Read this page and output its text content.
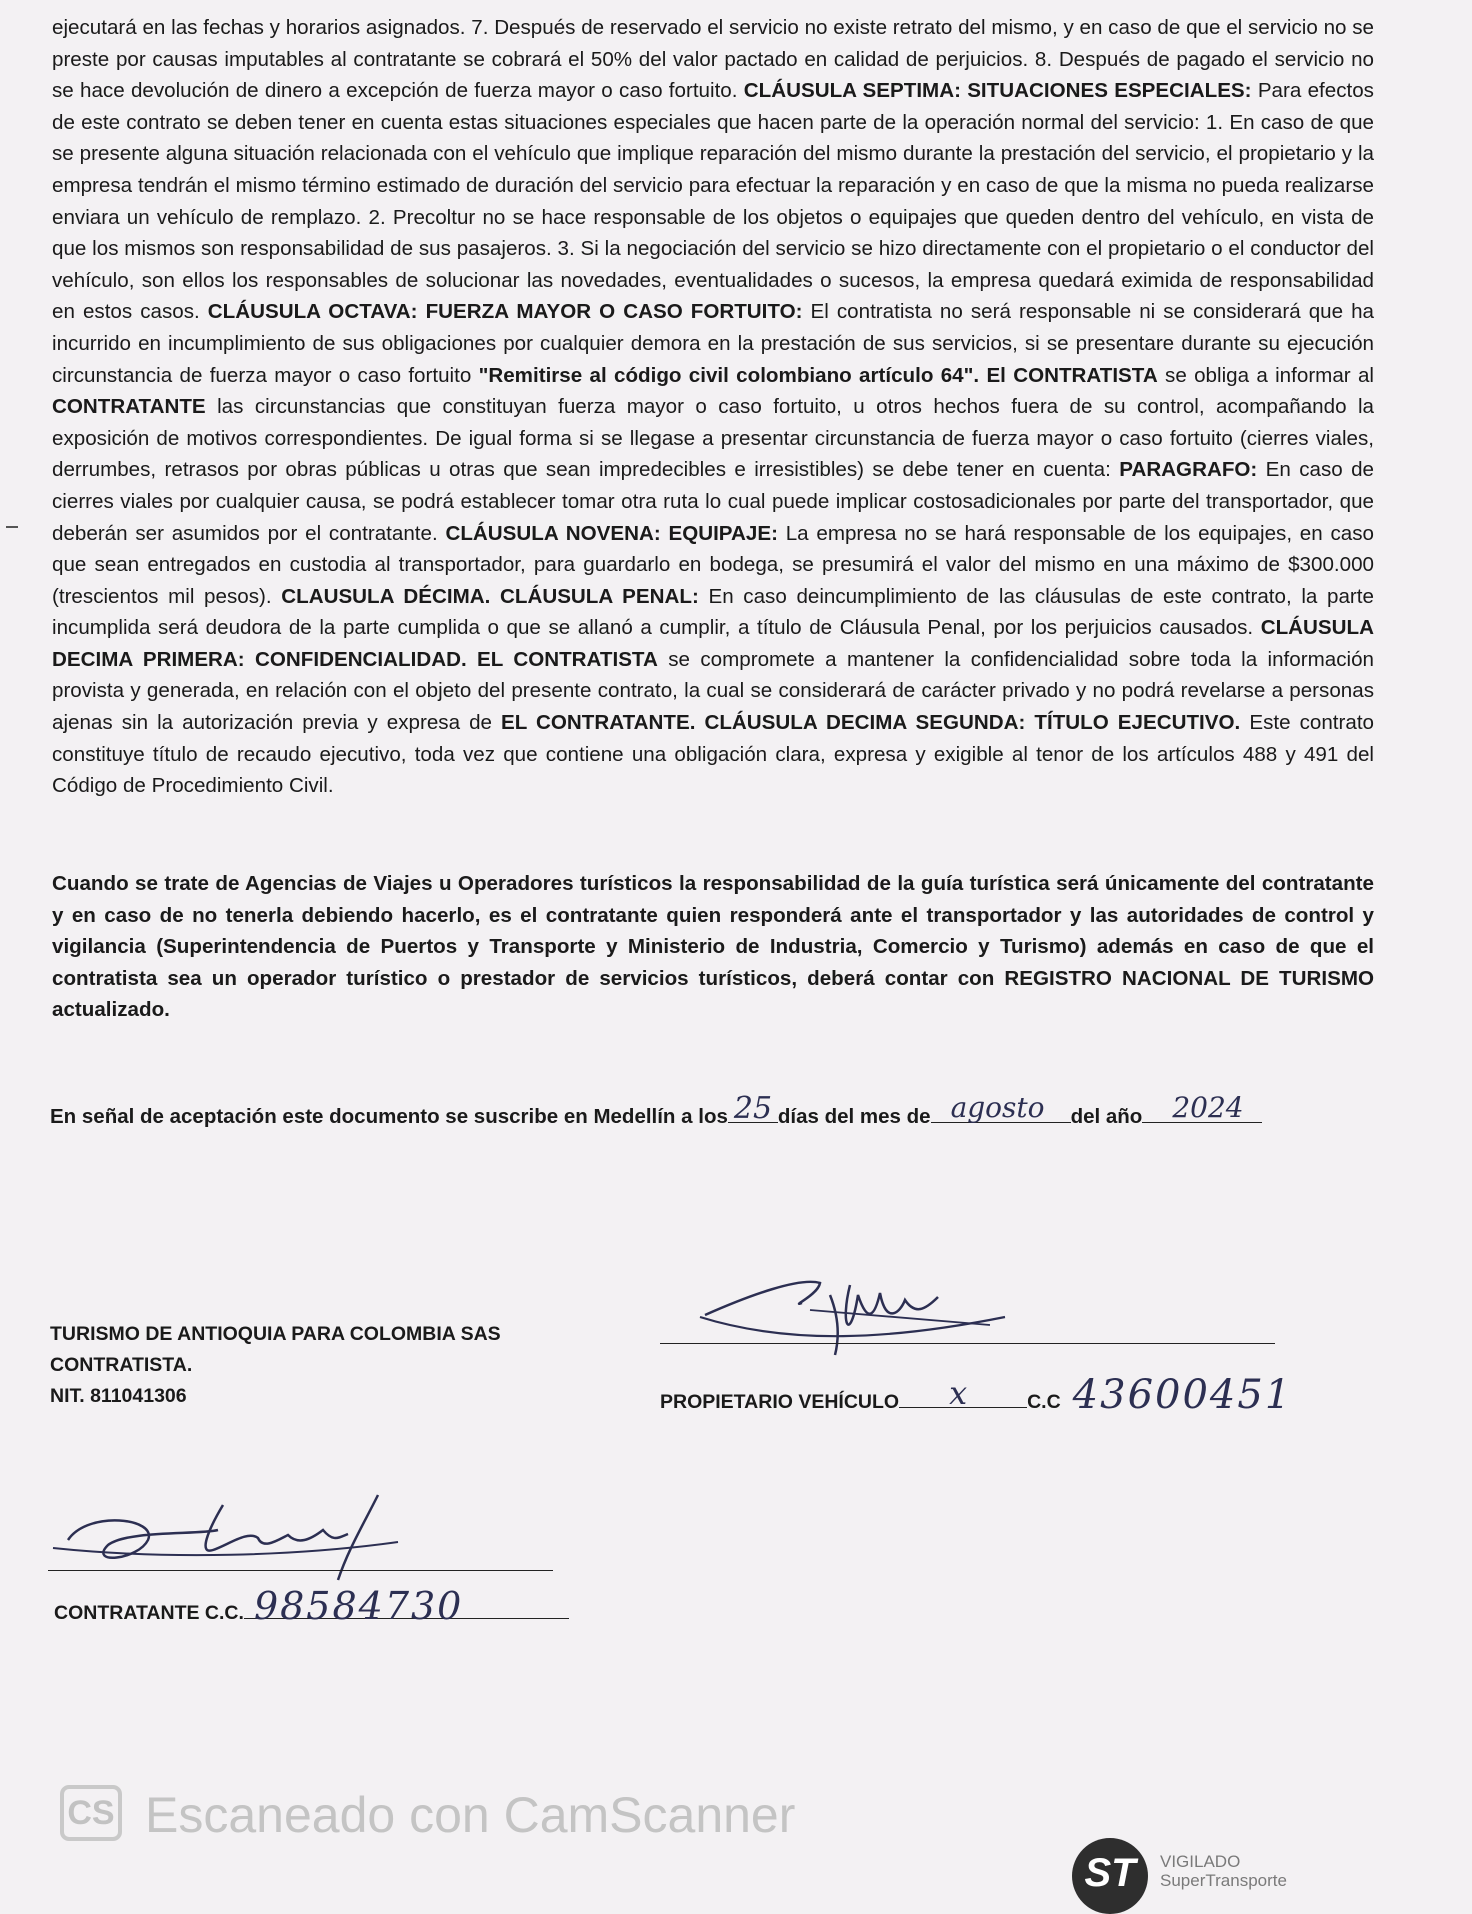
ejecutará en las fechas y horarios asignados. 7. Después de reservado el servicio no existe retrato del mismo, y en caso de que el servicio no se preste por causas imputables al contratante se cobrará el 50% del valor pactado en calidad de perjuicios. 8. Después de pagado el servicio no se hace devolución de dinero a excepción de fuerza mayor o caso fortuito. CLÁUSULA SEPTIMA: SITUACIONES ESPECIALES: Para efectos de este contrato se deben tener en cuenta estas situaciones especiales que hacen parte de la operación normal del servicio: 1. En caso de que se presente alguna situación relacionada con el vehículo que implique reparación del mismo durante la prestación del servicio, el propietario y la empresa tendrán el mismo término estimado de duración del servicio para efectuar la reparación y en caso de que la misma no pueda realizarse enviara un vehículo de remplazo. 2. Precoltur no se hace responsable de los objetos o equipajes que queden dentro del vehículo, en vista de que los mismos son responsabilidad de sus pasajeros. 3. Si la negociación del servicio se hizo directamente con el propietario o el conductor del vehículo, son ellos los responsables de solucionar las novedades, eventualidades o sucesos, la empresa quedará eximida de responsabilidad en estos casos. CLÁUSULA OCTAVA: FUERZA MAYOR O CASO FORTUITO: El contratista no será responsable ni se considerará que ha incurrido en incumplimiento de sus obligaciones por cualquier demora en la prestación de sus servicios, si se presentare durante su ejecución circunstancia de fuerza mayor o caso fortuito "Remitirse al código civil colombiano artículo 64". El CONTRATISTA se obliga a informar al CONTRATANTE las circunstancias que constituyan fuerza mayor o caso fortuito, u otros hechos fuera de su control, acompañando la exposición de motivos correspondientes. De igual forma si se llegase a presentar circunstancia de fuerza mayor o caso fortuito (cierres viales, derrumbes, retrasos por obras públicas u otras que sean impredecibles e irresistibles) se debe tener en cuenta: PARAGRAFO: En caso de cierres viales por cualquier causa, se podrá establecer tomar otra ruta lo cual puede implicar costosadicionales por parte del transportador, que deberán ser asumidos por el contratante. CLÁUSULA NOVENA: EQUIPAJE: La empresa no se hará responsable de los equipajes, en caso que sean entregados en custodia al transportador, para guardarlo en bodega, se presumirá el valor del mismo en una máximo de $300.000 (trescientos mil pesos). CLAUSULA DÉCIMA. CLÁUSULA PENAL: En caso deincumplimiento de las cláusulas de este contrato, la parte incumplida será deudora de la parte cumplida o que se allanó a cumplir, a título de Cláusula Penal, por los perjuicios causados. CLÁUSULA DECIMA PRIMERA: CONFIDENCIALIDAD. EL CONTRATISTA se compromete a mantener la confidencialidad sobre toda la información provista y generada, en relación con el objeto del presente contrato, la cual se considerará de carácter privado y no podrá revelarse a personas ajenas sin la autorización previa y expresa de EL CONTRATANTE. CLÁUSULA DECIMA SEGUNDA: TÍTULO EJECUTIVO. Este contrato constituye título de recaudo ejecutivo, toda vez que contiene una obligación clara, expresa y exigible al tenor de los artículos 488 y 491 del Código de Procedimiento Civil.
Cuando se trate de Agencias de Viajes u Operadores turísticos la responsabilidad de la guía turística será únicamente del contratante y en caso de no tenerla debiendo hacerlo, es el contratante quien responderá ante el transportador y las autoridades de control y vigilancia (Superintendencia de Puertos y Transporte y Ministerio de Industria, Comercio y Turismo) además en caso de que el contratista sea un operador turístico o prestador de servicios turísticos, deberá contar con REGISTRO NACIONAL DE TURISMO actualizado.
En señal de aceptación este documento se suscribe en Medellín a los 25 días del mes de agosto del año 2024
TURISMO DE ANTIOQUIA PARA COLOMBIA SAS
CONTRATISTA.
NIT. 811041306	PROPIETARIO VEHÍCULO x	C.C 43600451
CONTRATANTE C.C. 98584730
CS Escaneado con CamScanner
ST	VIGILADO
SuperTransporte
